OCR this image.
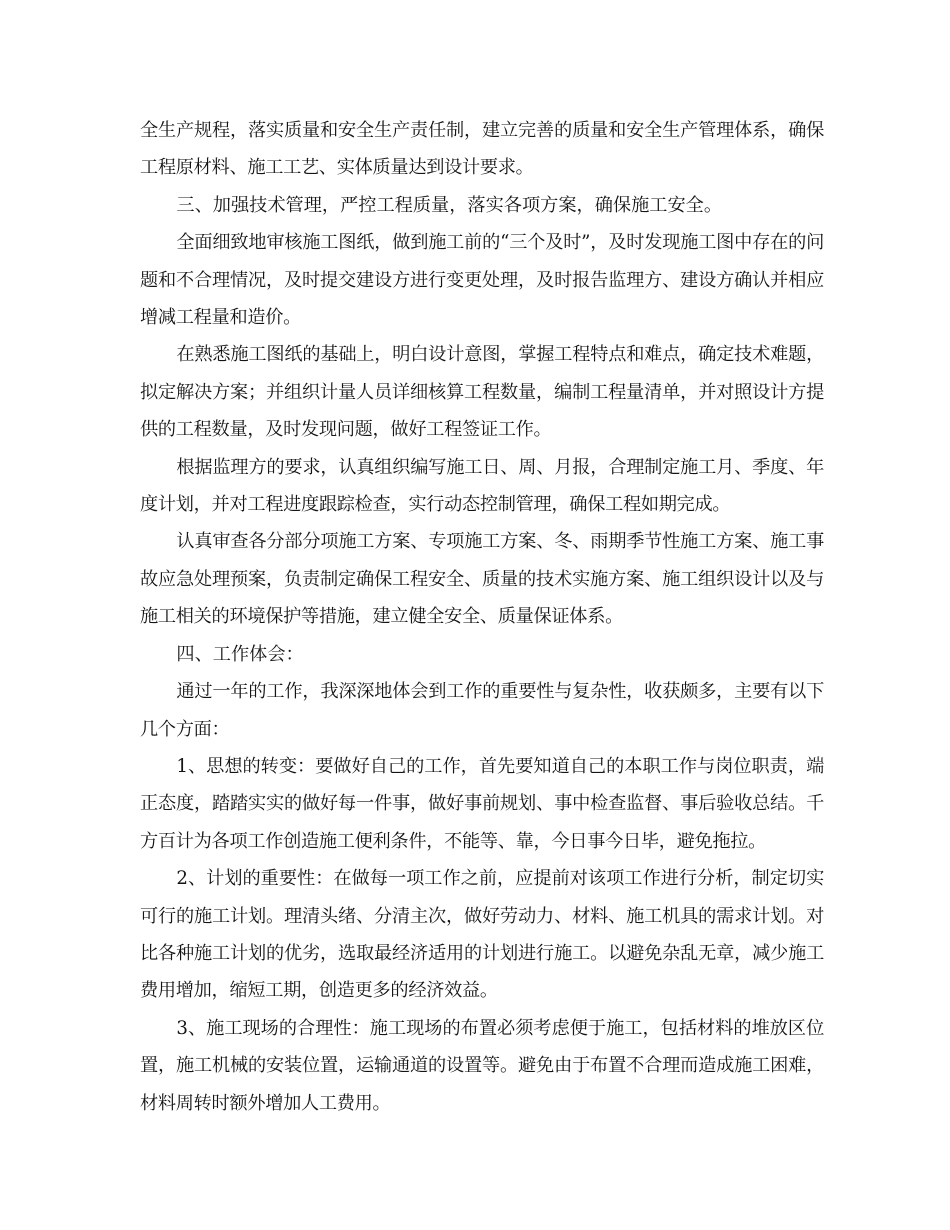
全生产规程，落实质量和安全生产责任制，建立完善的质量和安全生产管理体系，确保工程原材料、施工工艺、实体质量达到设计要求。

三、加强技术管理，严控工程质量，落实各项方案，确保施工安全。

全面细致地审核施工图纸，做到施工前的“三个及时”，及时发现施工图中存在的问题和不合理情况，及时提交建设方进行变更处理，及时报告监理方、建设方确认并相应增减工程量和造价。

在熟悉施工图纸的基础上，明白设计意图，掌握工程特点和难点，确定技术难题，拟定解决方案；并组织计量人员详细核算工程数量，编制工程量清单，并对照设计方提供的工程数量，及时发现问题，做好工程签证工作。

根据监理方的要求，认真组织编写施工日、周、月报，合理制定施工月、季度、年度计划，并对工程进度跟踪检查，实行动态控制管理，确保工程如期完成。

认真审查各分部分项施工方案、专项施工方案、冬、雨期季节性施工方案、施工事故应急处理预案，负责制定确保工程安全、质量的技术实施方案、施工组织设计以及与施工相关的环境保护等措施，建立健全安全、质量保证体系。

四、工作体会：

通过一年的工作，我深深地体会到工作的重要性与复杂性，收获颇多，主要有以下几个方面：

1、思想的转变：要做好自己的工作，首先要知道自己的本职工作与岗位职责，端正态度，踏踏实实的做好每一件事，做好事前规划、事中检查监督、事后验收总结。千方百计为各项工作创造施工便利条件，不能等、靠，今日事今日毕，避免拖拉。

2、计划的重要性：在做每一项工作之前，应提前对该项工作进行分析，制定切实可行的施工计划。理清头绪、分清主次，做好劳动力、材料、施工机具的需求计划。对比各种施工计划的优劣，选取最经济适用的计划进行施工。以避免杂乱无章，减少施工费用增加，缩短工期，创造更多的经济效益。

3、施工现场的合理性：施工现场的布置必须考虑便于施工，包括材料的堆放区位置，施工机械的安装位置，运输通道的设置等。避免由于布置不合理而造成施工困难，材料周转时额外增加人工费用。
